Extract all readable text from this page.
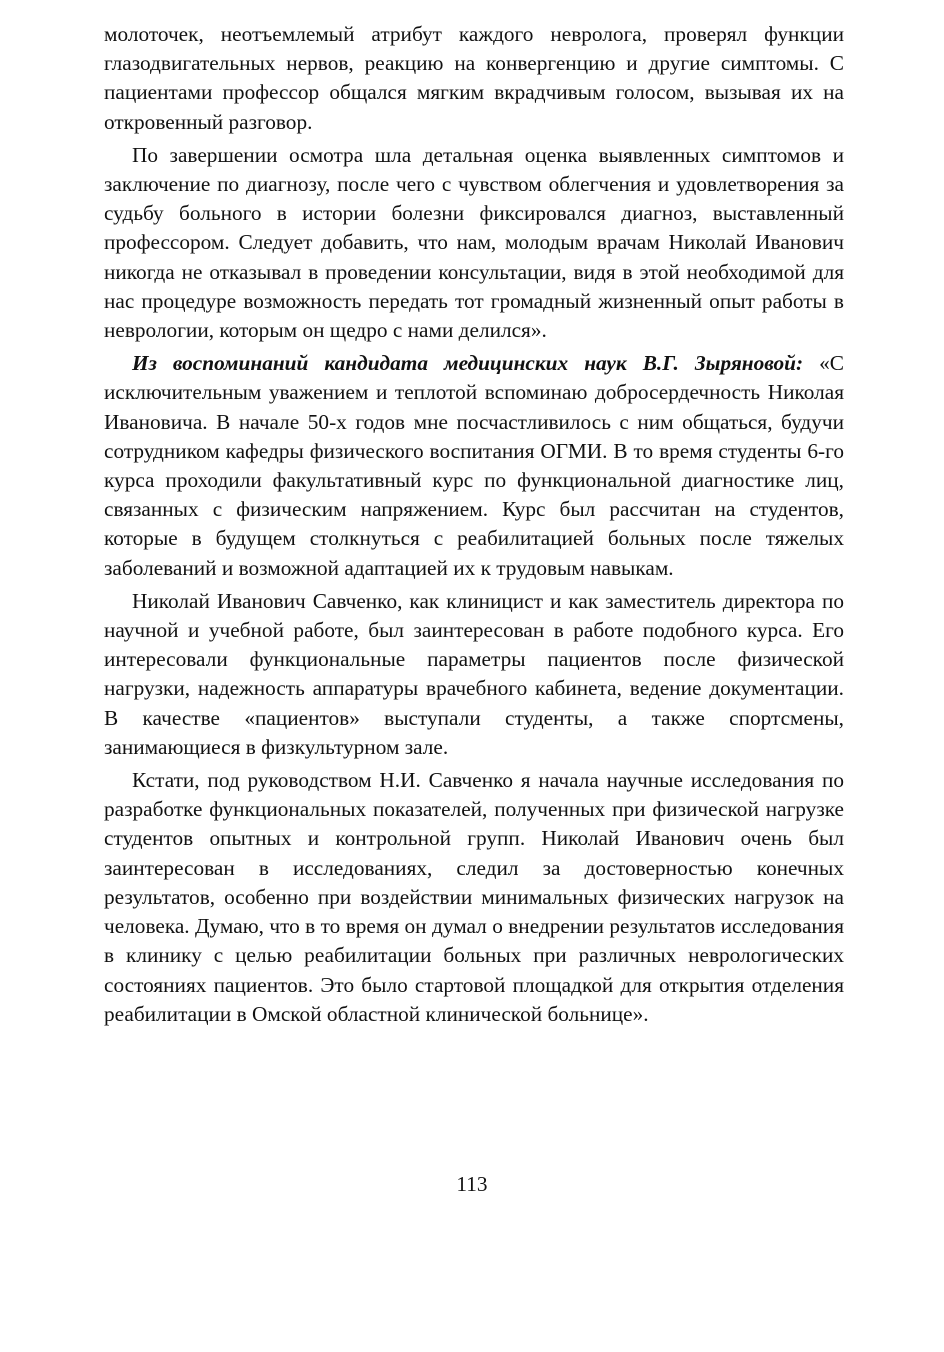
молоточек, неотъемлемый атрибут каждого невролога, проверял функции глазодвигательных нервов, реакцию на конвергенцию и другие симптомы. С пациентами профессор общался мягким вкрадчивым голосом, вызывая их на откровенный разговор.

По завершении осмотра шла детальная оценка выявленных симптомов и заключение по диагнозу, после чего с чувством облегчения и удовлетворения за судьбу больного в истории болезни фиксировался диагноз, выставленный профессором. Следует добавить, что нам, молодым врачам Николай Иванович никогда не отказывал в проведении консультации, видя в этой необходимой для нас процедуре возможность передать тот громадный жизненный опыт работы в неврологии, которым он щедро с нами делился».

Из воспоминаний кандидата медицинских наук В.Г. Зыряновой: «С исключительным уважением и теплотой вспоминаю добросердечность Николая Ивановича. В начале 50-х годов мне посчастливилось с ним общаться, будучи сотрудником кафедры физического воспитания ОГМИ. В то время студенты 6-го курса проходили факультативный курс по функциональной диагностике лиц, связанных с физическим напряжением. Курс был рассчитан на студентов, которые в будущем столкнуться с реабилитацией больных после тяжелых заболеваний и возможной адаптацией их к трудовым навыкам.

Николай Иванович Савченко, как клиницист и как заместитель директора по научной и учебной работе, был заинтересован в работе подобного курса. Его интересовали функциональные параметры пациентов после физической нагрузки, надежность аппаратуры врачебного кабинета, ведение документации. В качестве «пациентов» выступали студенты, а также спортсмены, занимающиеся в физкультурном зале.

Кстати, под руководством Н.И. Савченко я начала научные исследования по разработке функциональных показателей, полученных при физической нагрузке студентов опытных и контрольной групп. Николай Иванович очень был заинтересован в исследованиях, следил за достоверностью конечных результатов, особенно при воздействии минимальных физических нагрузок на человека. Думаю, что в то время он думал о внедрении результатов исследования в клинику с целью реабилитации больных при различных неврологических состояниях пациентов. Это было стартовой площадкой для открытия отделения реабилитации в Омской областной клинической больнице».

113
